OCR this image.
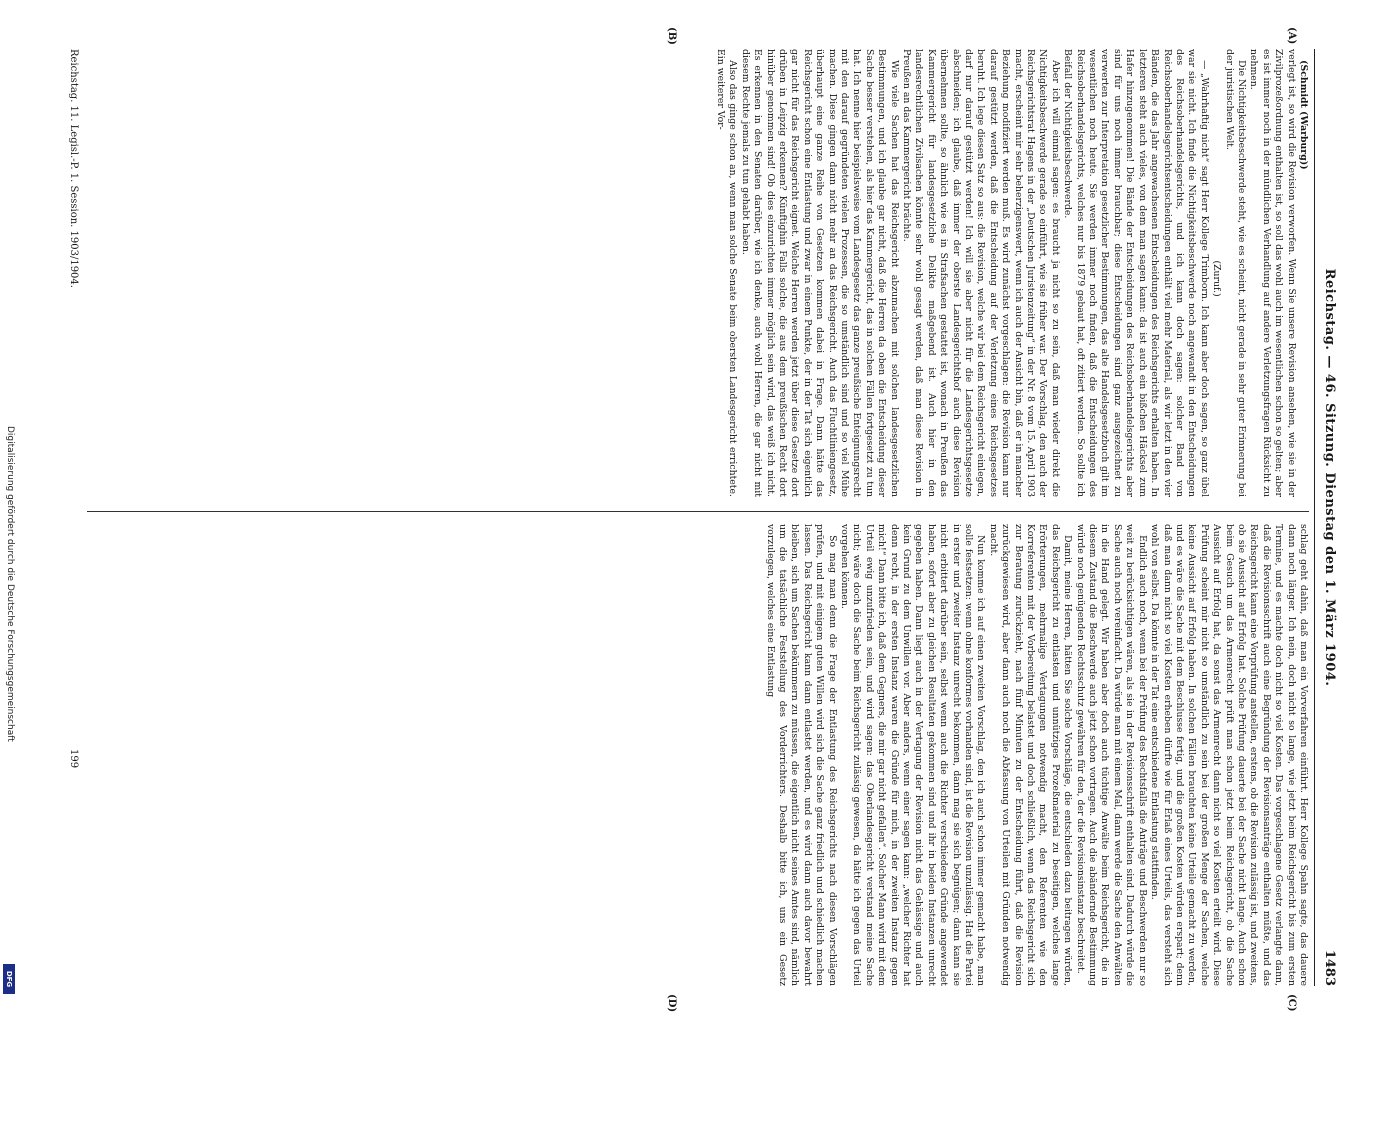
Digitalisierung gefördert durch die Deutsche Forschungsgemeinschaft
DFG
Reichstag. — 46. Sitzung. Dienstag den 1. März 1904.
1483
(A)
(B)
(C)
(D)

(Schmidt (Warburg))

verlegt ist, so wird die Revision verworfen. Wenn Sie unsere Revision ansehen, wie sie in der Zivilprozeßordnung enthalten ist, so soll das wohl auch im wesentlichen schon so gelten; aber es ist immer noch in der mündlichen Verhandlung auf andere Verletzungsfragen Rücksicht zu nehmen.

Die Nichtigkeitsbeschwerde steht, wie es scheint, nicht gerade in sehr guter Erinnerung bei der juristischen Welt.

(Zuruf.)

— „Wahrhaftig nicht“ sagt Herr Kollege Trimborn. Ich kann aber doch sagen, so ganz übel war sie nicht. Ich finde die Nichtigkeitsbeschwerde noch angewandt in den Entscheidungen des Reichsoberhandelsgerichts, und ich kann doch sagen: solcher Band von Reichsoberhandelsgerichtsentscheidungen enthält viel mehr Material, als wir letzt in den vier Bänden, die das Jahr angewachsenen Entscheidungen des Reichsgerichts erhalten haben. In letzteren steht auch vieles, von dem man sagen kann: da ist auch ein bißchen Häcksel zum Hafer hinzugenommen! Die Bände der Entscheidungen des Reichsoberhandelsgerichts aber sind für uns noch immer brauchbar; diese Entscheidungen sind ganz ausgezeichnet zu verwerten zur Interpretation gesetzlicher Bestimmungen, das alte Handelsgesetzbuch gilt im wesentlichen noch heute. Sie werden immer noch finden, daß die Entscheidungen des Reichsoberhandelsgerichts, welches nur bis 1879 gebaut hat, oft zitiert werden. So sollte ich Beifall der Nichtigkeitsbeschwerde.

Aber ich will einmal sagen: es braucht ja nicht so zu sein, daß man wieder direkt die Nichtigkeitsbeschwerde gerade so einführt, wie sie früher war. Der Vorschlag, den auch der Reichsgerichtsrat Hagens in der „Deutschen Juristenzeitung“ in der Nr. 8 vom 15. April 1903 macht, erscheint mir sehr beherzigenswert, wenn ich auch der Ansicht bin, daß er in mancher Beziehung modifiziert werden muß. Es wird zunächst vorgeschlagen: die Revision kann nur darauf gestützt werden, daß die Entscheidung auf der Verletzung eines Reichsgesetzes beruht. Ich lege diesen Satz so aus: die Revision, welche wir bei dem Reichsgericht einlegen, darf nur darauf gestützt werden! Ich will sie aber nicht für die Landesgerichtsgesetze abschneiden; ich glaube, daß immer der oberste Landesgerichtshof auch diese Revision übernehmen sollte, so ähnlich wie es in Strafsachen gestattet ist, wonach in Preußen das Kammergericht für landesgesetzliche Delikte maßgebend ist. Auch hier in den landesrechtlichen Zivilsachen könnte sehr wohl gesagt werden, daß man diese Revision in Preußen an das Kammergericht brächte.

Wie viele Sachen hat das Reichsgericht abzumachen mit solchen landesgesetzlichen Bestimmungen, und ich glaube gar nicht, daß die Herren da oben die Entscheidung dieser Sache besser verstehen, als hier das Kammergericht, das in solchen Fällen fortgesetzt zu tun hat. Ich nenne hier beispielsweise vom Landesgesetz das ganze preußische Enteignungsrecht mit den darauf gegründeten vielen Prozessen, die so umständlich sind und so viel Mühe machen. Diese gingen dann nicht mehr an das Reichsgericht. Auch das Fluchtliniengesetz, überhaupt eine ganze Reihe von Gesetzen kommen dabei in Frage. Dann hätte das Reichsgericht schon eine Entlastung und zwar in einem Punkte, der in der Tat sich eigentlich gar nicht für das Reichsgericht eignet. Welche Herren werden jetzt über diese Gesetze dort drüben in Leipzig erkennen? Künftighin Falls solche, die aus dem preußischen Recht dort hinüber genommen sind! Ob dies einzurichten immer möglich sein wird, das weiß ich nicht. Es erkennen in den Senaten darüber, wie ich denke, auch wohl Herren, die gar nicht mit diesem Rechte jemals zu tun gehabt haben.

Also das ginge schon an, wenn man solche Senate beim obersten Landesgericht errichtete. Ein weiterer Vor-

schlag geht dahin, daß man ein Vorverfahren einführt. Herr Kollege Spahn sagte, das dauere dann noch länger. Ich nein, doch nicht so lange, wie jetzt beim Reichsgericht bis zum ersten Termine, und es machte doch nicht so viel Kosten. Das vorgeschlagene Gesetz verlangte dann, daß die Revisionsschrift auch eine Begründung der Revisionsanträge enthalten müßte, und das Reichsgericht kann eine Vorprüfung anstellen, erstens, ob die Revision zulässig ist, und zweitens, ob sie Aussicht auf Erfolg hat. Solche Prüfung dauerte bei der Sache nicht lange. Auch schon beim Gesuch um das Armenrecht prüft man schon jetzt beim Reichsgericht, ob die Sache Aussicht auf Erfolg hat, da sonst das Armenrecht dann nicht so viel Kosten erteilt wird. Diese Prüfung scheint mir nicht so umständlich zu sein bei der großen Menge der Sachen, welche keine Aussicht auf Erfolg haben. In solchen Fällen brauchten keine Urteile gemacht zu werden, und es wäre die Sache mit dem Beschlusse fertig, und die großen Kosten würden erspart; denn daß man dann nicht so viel Kosten erheben dürfte wie für Erlaß eines Urteils, das versteht sich wohl von selbst. Da könnte in der Tat eine entschiedene Entlastung stattfinden.

Endlich auch noch, wenn bei der Prüfung des Rechtsfalls die Anträge und Beschwerden nur so weit zu berücksichtigen wären, als sie in der Revisionsschrift enthalten sind. Dadurch würde die Sache auch noch vereinfacht. Da würde man mit einem Mal, dann werde die Sache den Anwälten in die Hand gelegt. Wir haben aber doch auch tüchtige Anwälte beim Reichsgericht, die in diesem Zustand die Beschwerde auch jetzt schon vortragen. Auch die abändernde Bestimmung würde noch genügenden Rechtsschutz gewähren für den, der die Revisionsinstanz beschreitet.

Damit, meine Herren, hätten Sie solche Vorschläge, die entschieden dazu beitragen würden, das Reichsgericht zu entlasten und unnütziges Prozeßmaterial zu beseitigen, welches lange Erörterungen, mehrmalige Vertagungen notwendig macht, den Referenten wie den Korreferenten mit der Vorbereitung belastet und doch schließlich, wenn das Reichsgericht sich zur Beratung zurückzieht, nach fünf Minuten zu der Entscheidung führt, daß die Revision zurückgewiesen wird, aber dann auch noch die Abfassung von Urteilen mit Gründen notwendig macht.

Nun komme ich auf einen zweiten Vorschlag, den ich auch schon immer gemacht habe, man solle festsetzen: wenn ohne konformes vorhanden sind, ist die Revision unzulässig. Hat die Partei in erster und zweiter Instanz unrecht bekommen, dann mag sie sich begnügen; dann kann sie nicht erbittert darüber sein, selbst wenn auch die Richter verschiedene Gründe angewendet haben, sofort aber zu gleichen Resultaten gekommen sind und ihr in beiden Instanzen unrecht gegeben haben. Dann liegt auch in der Vertagung der Revision nicht das Gehässige und auch kein Grund zu dem Unwillen vor. Aber anders, wenn einer sagen kann: „welcher Richter hat denn recht, in der ersten Instanz waren die Gründe für mich, in der zweiten Instanz gegen mich!“ Dann bitte ich, daß dem Gegners, die mir gar nicht gefallen“. Solcher Mann wird mit dem Urteil ewig unzufrieden sein, und wird sagen: das Oberlandesgericht verstand meine Sache nicht; wäre doch die Sache beim Reichsgericht zulässig gewesen, da hätte ich gegen das Urteil vorgehen können.

So mag man denn die Frage der Entlastung des Reichsgerichts nach diesen Vorschlägen prüfen, und mit einigem guten Willen wird sich die Sache ganz friedlich und schiedlich machen lassen. Das Reichsgericht kann dann entlastet werden, und es wird dann auch davor bewahrt bleiben, sich um Sachen bekümmern zu müssen, die eigentlich nicht seines Amtes sind, nämlich um die tatsächliche Feststellung des Vorderrichters. Deshalb bitte ich, uns ein Gesetz vorzulegen, welches eine Entlastung

Reichstag. 11. Legisl.-P. 1. Session. 1903/1904.
199
